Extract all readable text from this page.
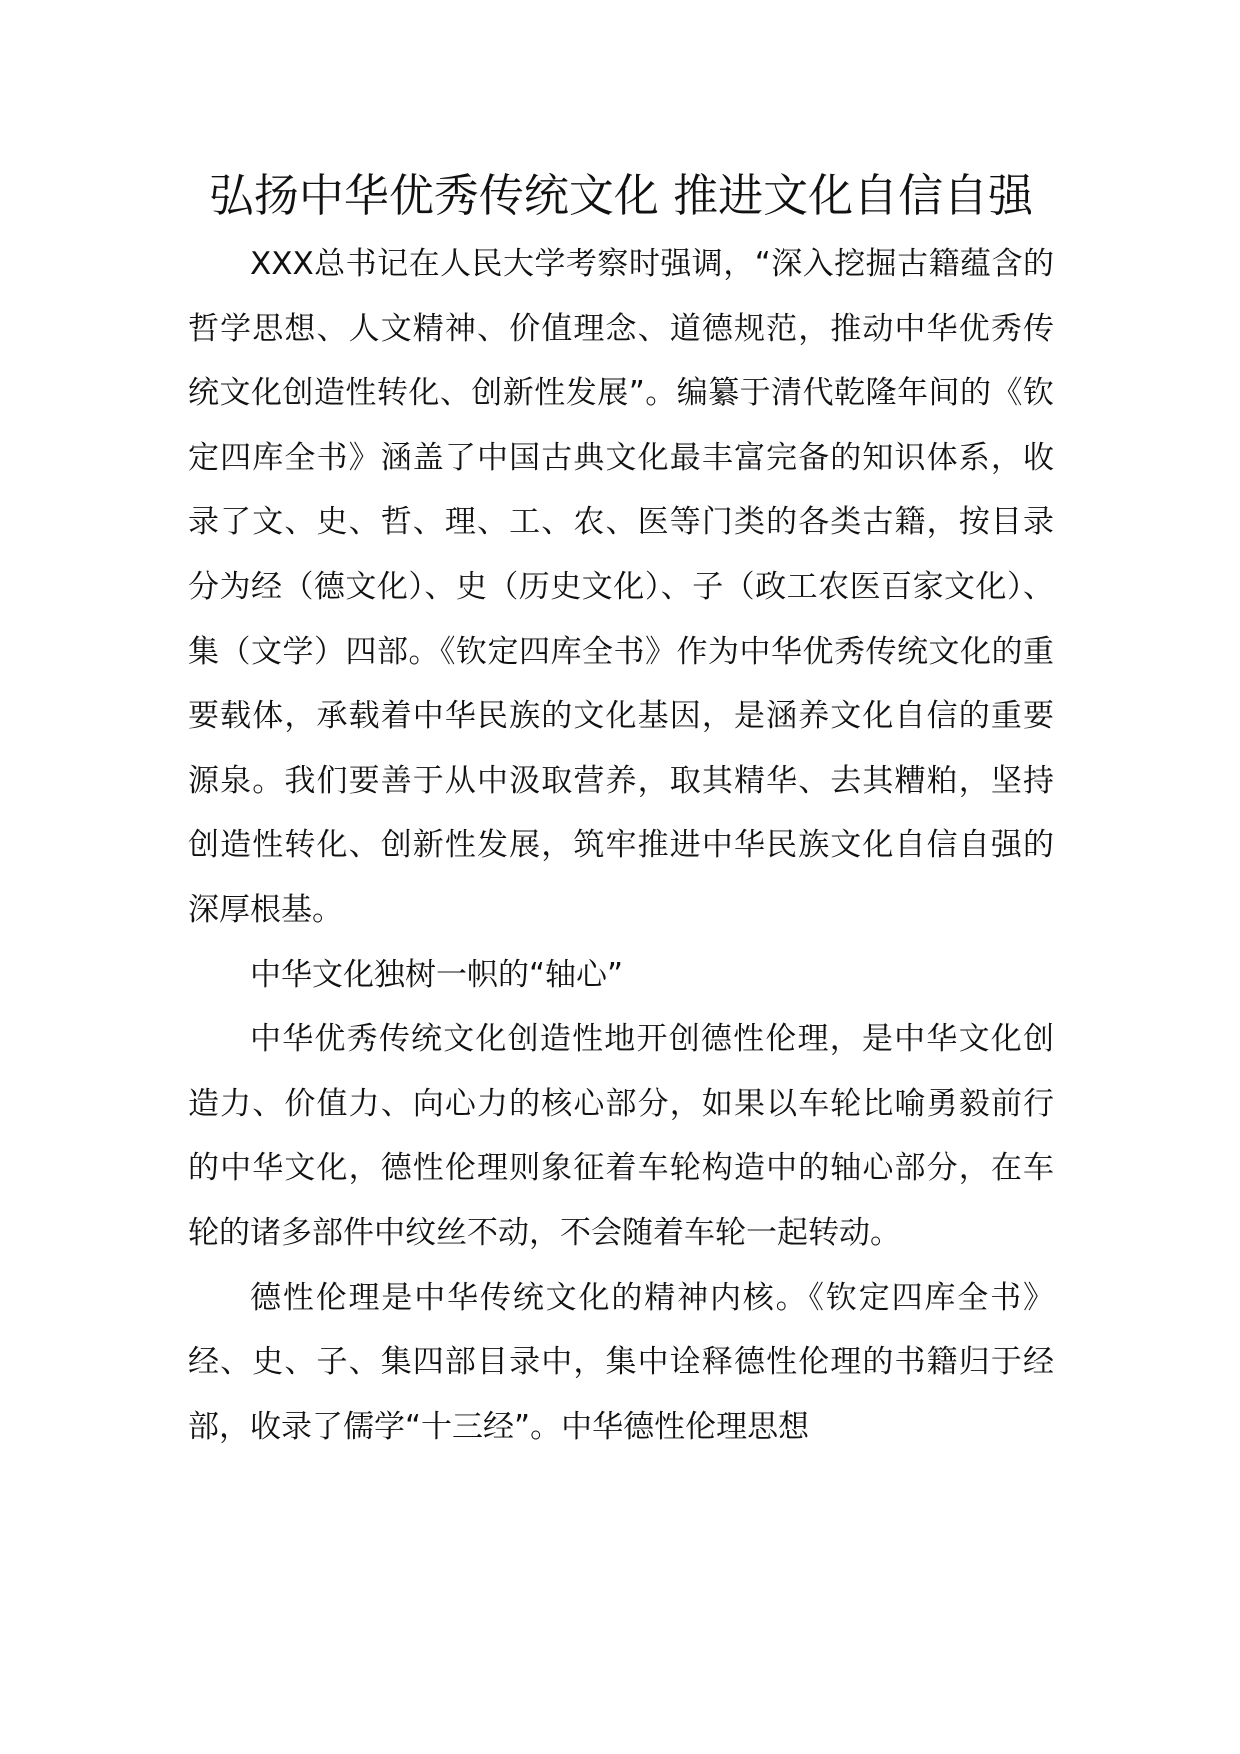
弘扬中华优秀传统文化 推进文化自信自强

XXX总书记在人民大学考察时强调，“深入挖掘古籍蕴含的哲学思想、人文精神、价值理念、道德规范，推动中华优秀传统文化创造性转化、创新性发展”。编纂于清代乾隆年间的《钦定四库全书》涵盖了中国古典文化最丰富完备的知识体系，收录了文、史、哲、理、工、农、医等门类的各类古籍，按目录分为经（德文化）、史（历史文化）、子（政工农医百家文化）、集（文学）四部。《钦定四库全书》作为中华优秀传统文化的重要载体，承载着中华民族的文化基因，是涵养文化自信的重要源泉。我们要善于从中汲取营养，取其精华、去其糟粕，坚持创造性转化、创新性发展，筑牢推进中华民族文化自信自强的深厚根基。

中华文化独树一帜的“轴心”

中华优秀传统文化创造性地开创德性伦理，是中华文化创造力、价值力、向心力的核心部分，如果以车轮比喻勇毅前行的中华文化，德性伦理则象征着车轮构造中的轴心部分，在车轮的诸多部件中纹丝不动，不会随着车轮一起转动。

德性伦理是中华传统文化的精神内核。《钦定四库全书》经、史、子、集四部目录中，集中诠释德性伦理的书籍归于经部，收录了儒学“十三经”。中华德性伦理思想
